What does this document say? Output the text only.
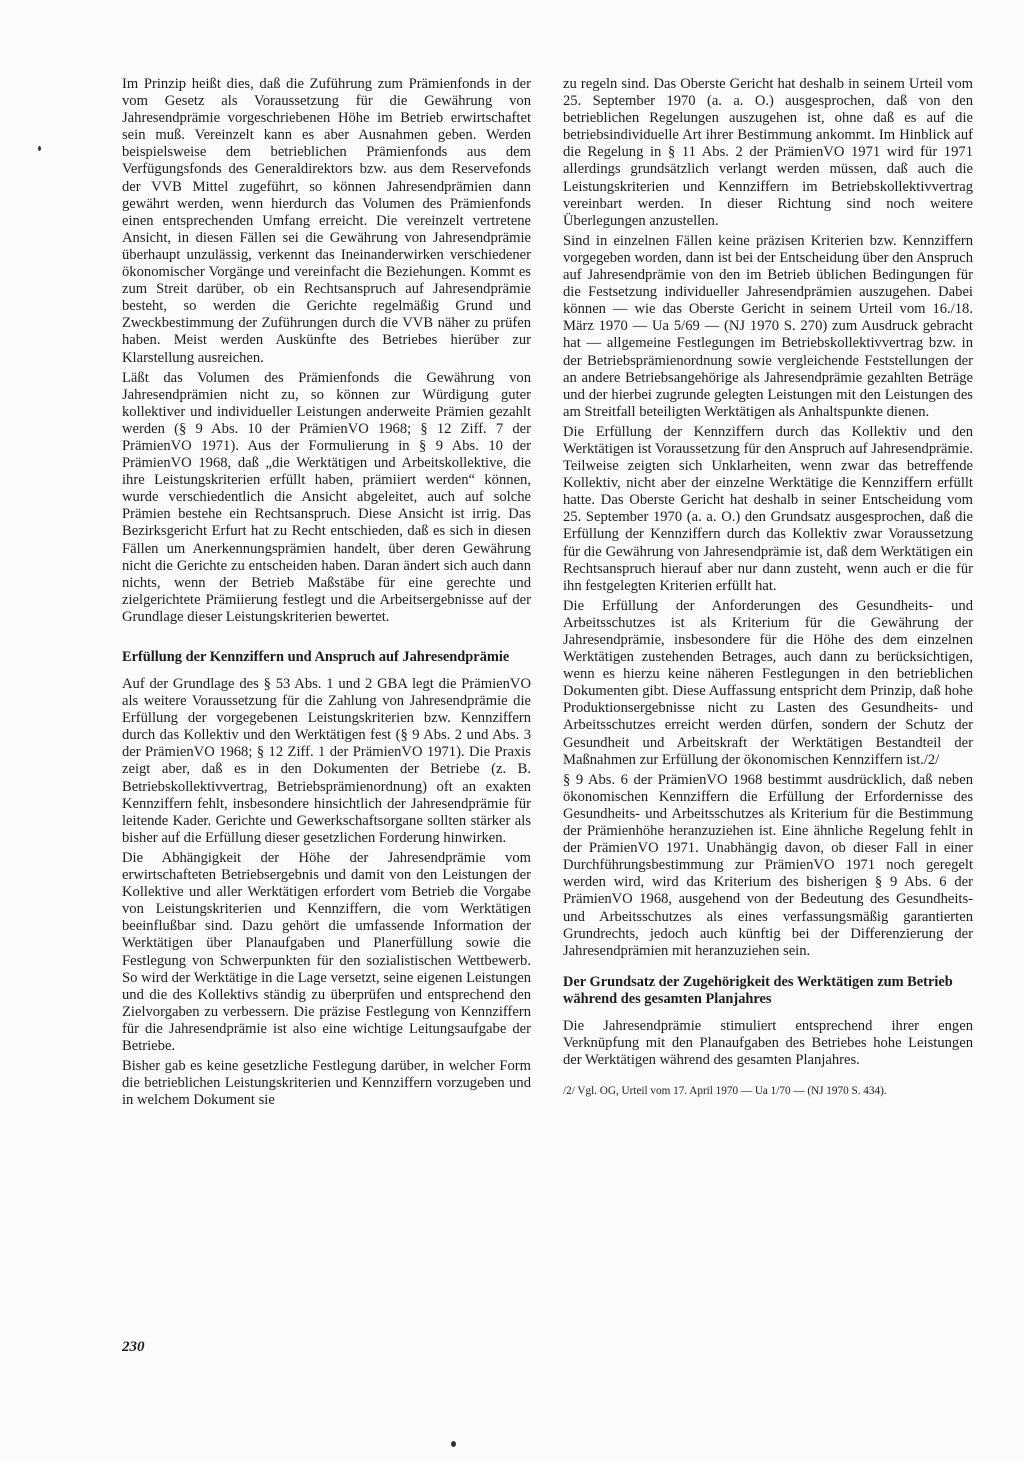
Im Prinzip heißt dies, daß die Zuführung zum Prämienfonds in der vom Gesetz als Voraussetzung für die Gewährung von Jahresendprämie vorgeschriebenen Höhe im Betrieb erwirtschaftet sein muß. Vereinzelt kann es aber Ausnahmen geben. Werden beispielsweise dem betrieblichen Prämienfonds aus dem Verfügungsfonds des Generaldirektors bzw. aus dem Reservefonds der VVB Mittel zugeführt, so können Jahresendprämien dann gewährt werden, wenn hierdurch das Volumen des Prämienfonds einen entsprechenden Umfang erreicht. Die vereinzelt vertretene Ansicht, in diesen Fällen sei die Gewährung von Jahresendprämie überhaupt unzulässig, verkennt das Ineinanderwirken verschiedener ökonomischer Vorgänge und vereinfacht die Beziehungen. Kommt es zum Streit darüber, ob ein Rechtsanspruch auf Jahresendprämie besteht, so werden die Gerichte regelmäßig Grund und Zweckbestimmung der Zuführungen durch die VVB näher zu prüfen haben. Meist werden Auskünfte des Betriebes hierüber zur Klarstellung ausreichen.

Läßt das Volumen des Prämienfonds die Gewährung von Jahresendprämien nicht zu, so können zur Würdigung guter kollektiver und individueller Leistungen anderweite Prämien gezahlt werden (§ 9 Abs. 10 der PrämienVO 1968; § 12 Ziff. 7 der PrämienVO 1971). Aus der Formulierung in § 9 Abs. 10 der PrämienVO 1968, daß „die Werktätigen und Arbeitskollektive, die ihre Leistungskriterien erfüllt haben, prämiiert werden“ können, wurde verschiedentlich die Ansicht abgeleitet, auch auf solche Prämien bestehe ein Rechtsanspruch. Diese Ansicht ist irrig. Das Bezirksgericht Erfurt hat zu Recht entschieden, daß es sich in diesen Fällen um Anerkennungsprämien handelt, über deren Gewährung nicht die Gerichte zu entscheiden haben. Daran ändert sich auch dann nichts, wenn der Betrieb Maßstäbe für eine gerechte und zielgerichtete Prämiierung festlegt und die Arbeitsergebnisse auf der Grundlage dieser Leistungskriterien bewertet.

Erfüllung der Kennziffern und Anspruch auf Jahresendprämie

Auf der Grundlage des § 53 Abs. 1 und 2 GBA legt die PrämienVO als weitere Voraussetzung für die Zahlung von Jahresendprämie die Erfüllung der vorgegebenen Leistungskriterien bzw. Kennziffern durch das Kollektiv und den Werktätigen fest (§ 9 Abs. 2 und Abs. 3 der PrämienVO 1968; § 12 Ziff. 1 der PrämienVO 1971). Die Praxis zeigt aber, daß es in den Dokumenten der Betriebe (z. B. Betriebskollektivvertrag, Betriebsprämienordnung) oft an exakten Kennziffern fehlt, insbesondere hinsichtlich der Jahresendprämie für leitende Kader. Gerichte und Gewerkschaftsorgane sollten stärker als bisher auf die Erfüllung dieser gesetzlichen Forderung hinwirken.

Die Abhängigkeit der Höhe der Jahresendprämie vom erwirtschafteten Betriebsergebnis und damit von den Leistungen der Kollektive und aller Werktätigen erfordert vom Betrieb die Vorgabe von Leistungskriterien und Kennziffern, die vom Werktätigen beeinflußbar sind. Dazu gehört die umfassende Information der Werktätigen über Planaufgaben und Planerfüllung sowie die Festlegung von Schwerpunkten für den sozialistischen Wettbewerb. So wird der Werktätige in die Lage versetzt, seine eigenen Leistungen und die des Kollektivs ständig zu überprüfen und entsprechend den Zielvorgaben zu verbessern. Die präzise Festlegung von Kennziffern für die Jahresendprämie ist also eine wichtige Leitungsaufgabe der Betriebe.

Bisher gab es keine gesetzliche Festlegung darüber, in welcher Form die betrieblichen Leistungskriterien und Kennziffern vorzugeben und in welchem Dokument sie

zu regeln sind. Das Oberste Gericht hat deshalb in seinem Urteil vom 25. September 1970 (a. a. O.) ausgesprochen, daß von den betrieblichen Regelungen auszugehen ist, ohne daß es auf die betriebsindividuelle Art ihrer Bestimmung ankommt. Im Hinblick auf die Regelung in § 11 Abs. 2 der PrämienVO 1971 wird für 1971 allerdings grundsätzlich verlangt werden müssen, daß auch die Leistungskriterien und Kennziffern im Betriebskollektivvertrag vereinbart werden. In dieser Richtung sind noch weitere Überlegungen anzustellen.

Sind in einzelnen Fällen keine präzisen Kriterien bzw. Kennziffern vorgegeben worden, dann ist bei der Entscheidung über den Anspruch auf Jahresendprämie von den im Betrieb üblichen Bedingungen für die Festsetzung individueller Jahresendprämien auszugehen. Dabei können — wie das Oberste Gericht in seinem Urteil vom 16./18. März 1970 — Ua 5/69 — (NJ 1970 S. 270) zum Ausdruck gebracht hat — allgemeine Festlegungen im Betriebskollektivvertrag bzw. in der Betriebsprämienordnung sowie vergleichende Feststellungen der an andere Betriebsangehörige als Jahresendprämie gezahlten Beträge und der hierbei zugrunde gelegten Leistungen mit den Leistungen des am Streitfall beteiligten Werktätigen als Anhaltspunkte dienen.

Die Erfüllung der Kennziffern durch das Kollektiv und den Werktätigen ist Voraussetzung für den Anspruch auf Jahresendprämie. Teilweise zeigten sich Unklarheiten, wenn zwar das betreffende Kollektiv, nicht aber der einzelne Werktätige die Kennziffern erfüllt hatte. Das Oberste Gericht hat deshalb in seiner Entscheidung vom 25. September 1970 (a. a. O.) den Grundsatz ausgesprochen, daß die Erfüllung der Kennziffern durch das Kollektiv zwar Voraussetzung für die Gewährung von Jahresendprämie ist, daß dem Werktätigen ein Rechtsanspruch hierauf aber nur dann zusteht, wenn auch er die für ihn festgelegten Kriterien erfüllt hat.

Die Erfüllung der Anforderungen des Gesundheits- und Arbeitsschutzes ist als Kriterium für die Gewährung der Jahresendprämie, insbesondere für die Höhe des dem einzelnen Werktätigen zustehenden Betrages, auch dann zu berücksichtigen, wenn es hierzu keine näheren Festlegungen in den betrieblichen Dokumenten gibt. Diese Auffassung entspricht dem Prinzip, daß hohe Produktionsergebnisse nicht zu Lasten des Gesundheits- und Arbeitsschutzes erreicht werden dürfen, sondern der Schutz der Gesundheit und Arbeitskraft der Werktätigen Bestandteil der Maßnahmen zur Erfüllung der ökonomischen Kennziffern ist./2/

§ 9 Abs. 6 der PrämienVO 1968 bestimmt ausdrücklich, daß neben ökonomischen Kennziffern die Erfüllung der Erfordernisse des Gesundheits- und Arbeitsschutzes als Kriterium für die Bestimmung der Prämienhöhe heranzuziehen ist. Eine ähnliche Regelung fehlt in der PrämienVO 1971. Unabhängig davon, ob dieser Fall in einer Durchführungsbestimmung zur PrämienVO 1971 noch geregelt werden wird, wird das Kriterium des bisherigen § 9 Abs. 6 der PrämienVO 1968, ausgehend von der Bedeutung des Gesundheits- und Arbeitsschutzes als eines verfassungsmäßig garantierten Grundrechts, jedoch auch künftig bei der Differenzierung der Jahresendprämien mit heranzuziehen sein.

Der Grundsatz der Zugehörigkeit des Werktätigen zum Betrieb während des gesamten Planjahres

Die Jahresendprämie stimuliert entsprechend ihrer engen Verknüpfung mit den Planaufgaben des Betriebes hohe Leistungen der Werktätigen während des gesamten Planjahres.

/2/ Vgl. OG, Urteil vom 17. April 1970 — Ua 1/70 — (NJ 1970 S. 434).

230
